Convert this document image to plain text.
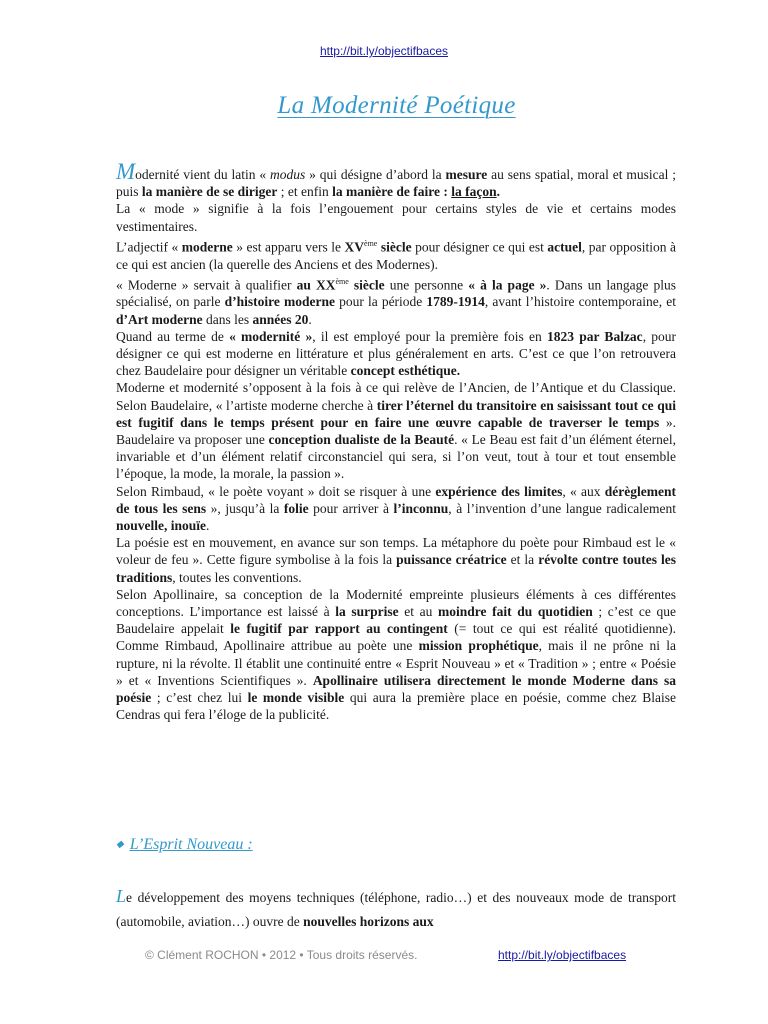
http://bit.ly/objectifbaces
La Modernité Poétique

Modernité vient du latin « modus » qui désigne d’abord la mesure au sens spatial, moral et musical ; puis la manière de se diriger ; et enfin la manière de faire : la façon.

La « mode » signifie à la fois l’engouement pour certains styles de vie et certains modes vestimentaires.

L’adjectif « moderne » est apparu vers le XVème siècle pour désigner ce qui est actuel, par opposition à ce qui est ancien (la querelle des Anciens et des Modernes).

« Moderne » servait à qualifier au XXème siècle une personne « à la page ». Dans un langage plus spécialisé, on parle d’histoire moderne pour la période 1789-1914, avant l’histoire contemporaine, et d’Art moderne dans les années 20.

Quand au terme de « modernité », il est employé pour la première fois en 1823 par Balzac, pour désigner ce qui est moderne en littérature et plus généralement en arts. C’est ce que l’on retrouvera chez Baudelaire pour désigner un véritable concept esthétique.

Moderne et modernité s’opposent à la fois à ce qui relève de l’Ancien, de l’Antique et du Classique. Selon Baudelaire, « l’artiste moderne cherche à tirer l’éternel du transitoire en saisissant tout ce qui est fugitif dans le temps présent pour en faire une œuvre capable de traverser le temps ». Baudelaire va proposer une conception dualiste de la Beauté. « Le Beau est fait d’un élément éternel, invariable et d’un élément relatif circonstanciel qui sera, si l’on veut, tout à tour et tout ensemble l’époque, la mode, la morale, la passion ».

Selon Rimbaud, « le poète voyant » doit se risquer à une expérience des limites, « aux dérèglement de tous les sens », jusqu’à la folie pour arriver à l’inconnu, à l’invention d’une langue radicalement nouvelle, inouïe.

La poésie est en mouvement, en avance sur son temps. La métaphore du poète pour Rimbaud est le « voleur de feu ». Cette figure symbolise à la fois la puissance créatrice et la révolte contre toutes les traditions, toutes les conventions.

Selon Apollinaire, sa conception de la Modernité empreinte plusieurs éléments à ces différentes conceptions. L’importance est laissé à la surprise et au moindre fait du quotidien ; c’est ce que Baudelaire appelait le fugitif par rapport au contingent (= tout ce qui est réalité quotidienne). Comme Rimbaud, Apollinaire attribue au poète une mission prophétique, mais il ne prône ni la rupture, ni la révolte. Il établit une continuité entre « Esprit Nouveau » et « Tradition » ; entre « Poésie » et « Inventions Scientifiques ». Apollinaire utilisera directement le monde Moderne dans sa poésie ; c’est chez lui le monde visible qui aura la première place en poésie, comme chez Blaise Cendras qui fera l’éloge de la publicité.

◆ L’Esprit Nouveau :

Le développement des moyens techniques (téléphone, radio…) et des nouveaux mode de transport (automobile, aviation…) ouvre de nouvelles horizons aux

© Clément ROCHON • 2012 • Tous droits réservés.	http://bit.ly/objectifbaces
